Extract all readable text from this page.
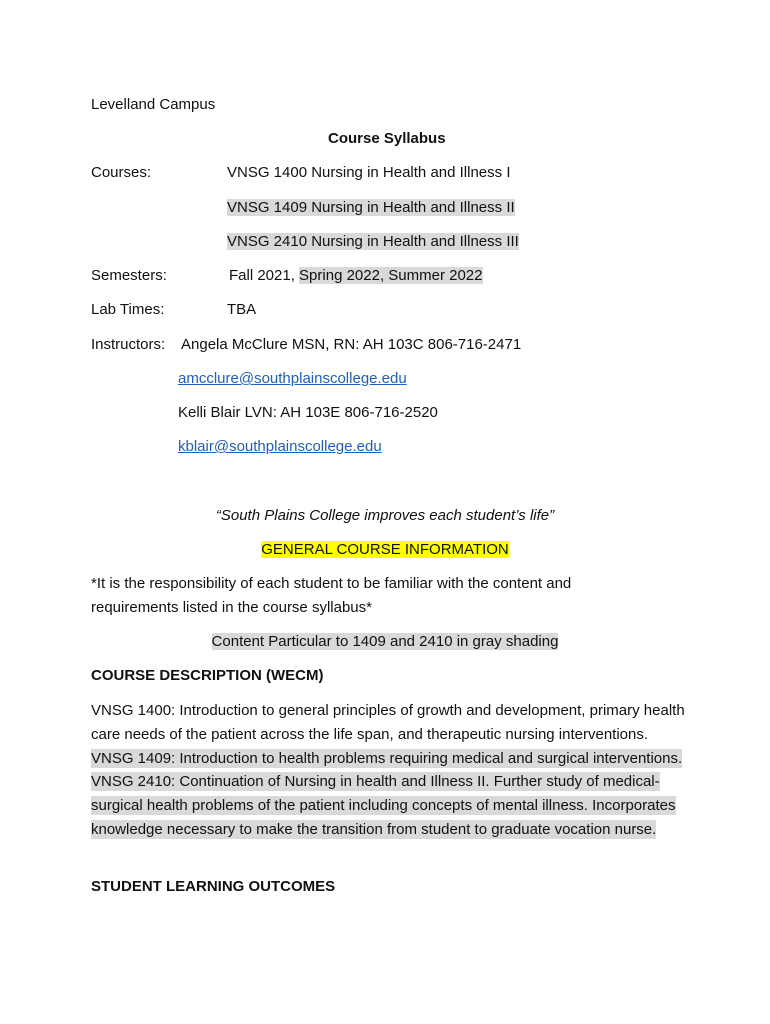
Levelland Campus
Course Syllabus
Courses:	VNSG 1400 Nursing in Health and Illness I
VNSG 1409 Nursing in Health and Illness II
VNSG 2410 Nursing in Health and Illness III
Semesters:	Fall 2021, Spring 2022, Summer 2022
Lab Times:	TBA
Instructors: Angela McClure MSN, RN: AH 103C 806-716-2471
amcclure@southplainscollege.edu
Kelli Blair LVN: AH 103E 806-716-2520
kblair@southplainscollege.edu
“South Plains College improves each student’s life”
GENERAL COURSE INFORMATION
*It is the responsibility of each student to be familiar with the content and
requirements listed in the course syllabus*
Content Particular to 1409 and 2410 in gray shading
COURSE DESCRIPTION (WECM)
VNSG 1400: Introduction to general principles of growth and development, primary health care needs of the patient across the life span, and therapeutic nursing interventions. VNSG 1409: Introduction to health problems requiring medical and surgical interventions. VNSG 2410: Continuation of Nursing in health and Illness II. Further study of medical-surgical health problems of the patient including concepts of mental illness. Incorporates knowledge necessary to make the transition from student to graduate vocation nurse.
STUDENT LEARNING OUTCOMES
